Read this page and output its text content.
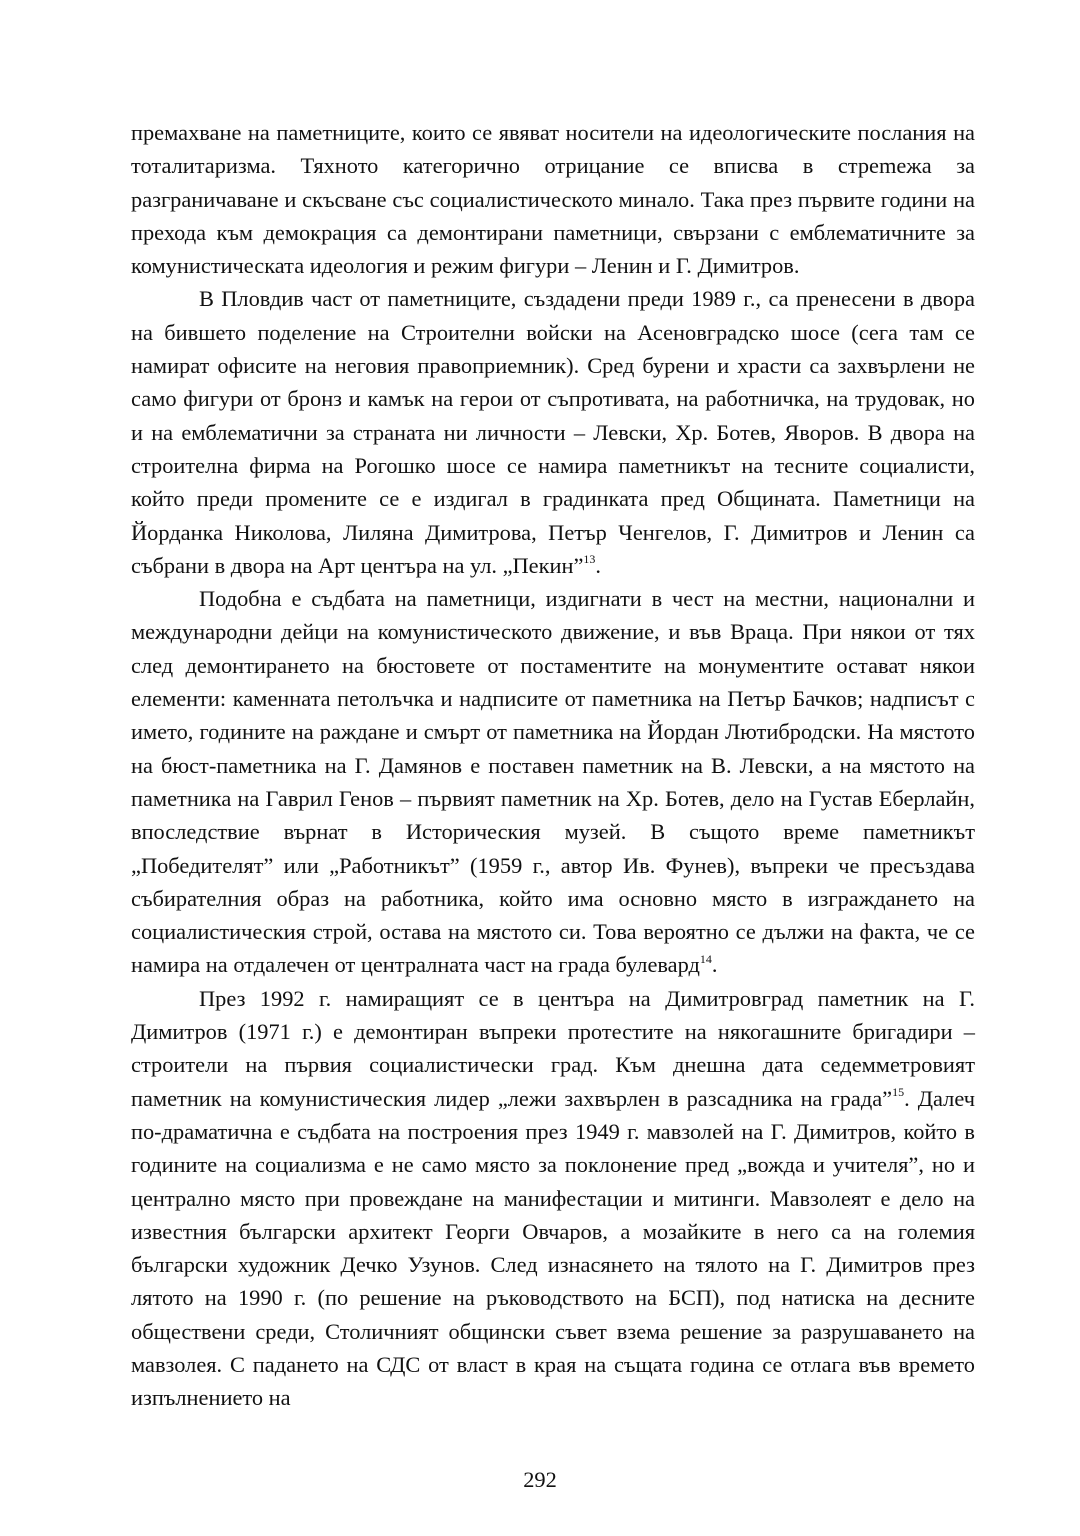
премахване на паметниците, които се явяват носители на идеологическите послания на тоталитаризма. Тяхното категорично отрицание се вписва в стреmежа за разграничаване и скъсване със социалистическото минало. Така през първите години на прехода към демокрация са демонтирани паметници, свързани с емблематичните за комунистическата идеология и режим фигури – Ленин и Г. Димитров.

В Пловдив част от паметниците, създадени преди 1989 г., са пренесени в двора на бившето поделение на Строителни войски на Асеновградско шосе (сега там се намират офисите на неговия правоприемник). Сред бурени и храсти са захвърлени не само фигури от бронз и камък на герои от съпротивата, на работничка, на трудовак, но и на емблематични за страната ни личности – Левски, Хр. Ботев, Яворов. В двора на строителна фирма на Рогошко шосе се намира паметникът на тесните социалисти, който преди промените се е издигал в градинката пред Общината. Паметници на Йорданка Николова, Лиляна Димитрова, Петър Ченгелов, Г. Димитров и Ленин са събрани в двора на Арт центъра на ул. „Пекин”$^{13}$.

Подобна е съдбата на паметници, издигнати в чест на местни, национални и международни дейци на комунистическото движение, и във Враца. При някои от тях след демонтирането на бюстовете от постаментите на монументите остават някои елементи: каменната петолъчка и надписите от паметника на Петър Бачков; надписът с името, годините на раждане и смърт от паметника на Йордан Лютибродски. На мястото на бюст-паметника на Г. Дамянов е поставен паметник на В. Левски, а на мястото на паметника на Гаврил Генов – първият паметник на Хр. Ботев, дело на Густав Еберлайн, впоследствие върнат в Историческия музей. В същото време паметникът „Победителят” или „Работникът” (1959 г., автор Ив. Фунев), въпреки че пресъздава събирателния образ на работника, който има основно място в изграждането на социалистическия строй, остава на мястото си. Това вероятно се дължи на факта, че се намира на отдалечен от централната част на града булевард$^{14}$.

През 1992 г. намиращият се в центъра на Димитровград паметник на Г. Димитров (1971 г.) е демонтиран въпреки протестите на някогашните бригадири – строители на първия социалистически град. Към днешна дата седемметровият паметник на комунистическия лидер „лежи захвърлен в разсадника на града”$^{15}$. Далеч по-драматична е съдбата на построения през 1949 г. мавзолей на Г. Димитров, който в годините на социализма е не само място за поклонение пред „вожда и учителя”, но и централно място при провеждане на манифестации и митинги. Мавзолеят е дело на известния български архитект Георги Овчаров, а мозайките в него са на големия български художник Дечко Узунов. След изнасянето на тялото на Г. Димитров през лятото на 1990 г. (по решение на ръководството на БСП), под натиска на десните обществени среди, Столичният общински съвет взема решение за разрушаването на мавзолея. С падането на СДС от власт в края на същата година се отлага във времето изпълнението на

292
